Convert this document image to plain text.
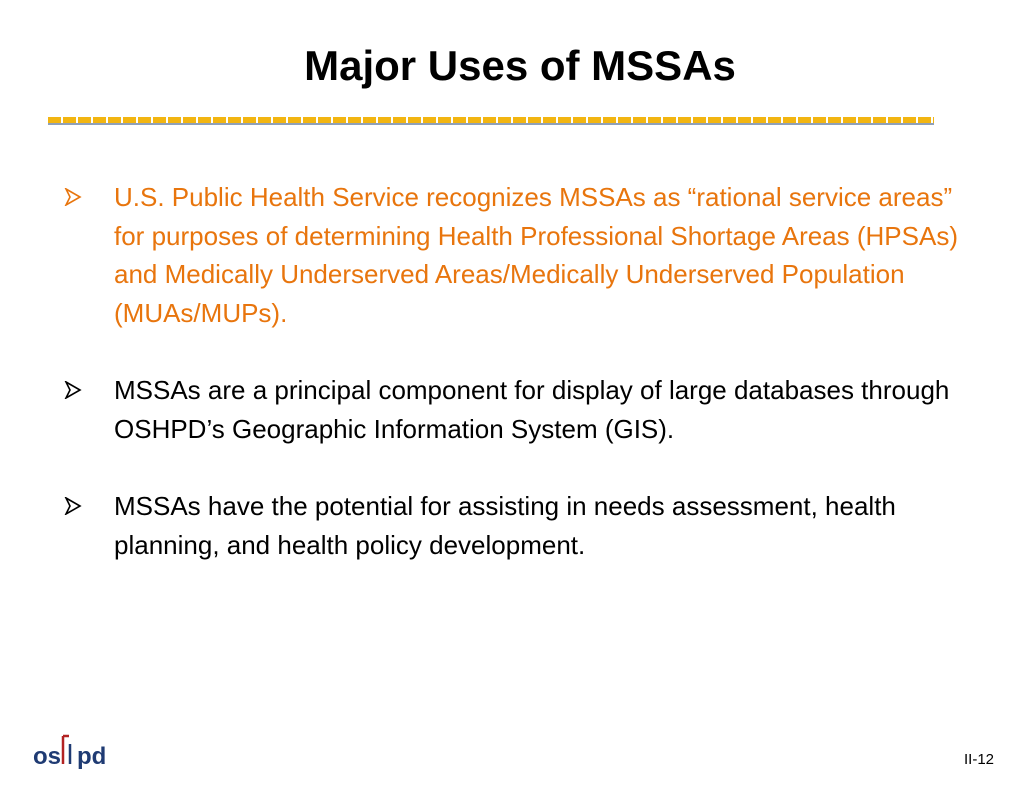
Major Uses of MSSAs
U.S. Public Health Service recognizes MSSAs as “rational service areas” for purposes of determining Health Professional Shortage Areas (HPSAs) and Medically Underserved Areas/Medically Underserved Population (MUAs/MUPs).
MSSAs are a principal component for display of large databases through OSHPD’s Geographic Information System (GIS).
MSSAs have the potential for assisting in needs assessment, health planning, and health policy development.
os pd	II-12
